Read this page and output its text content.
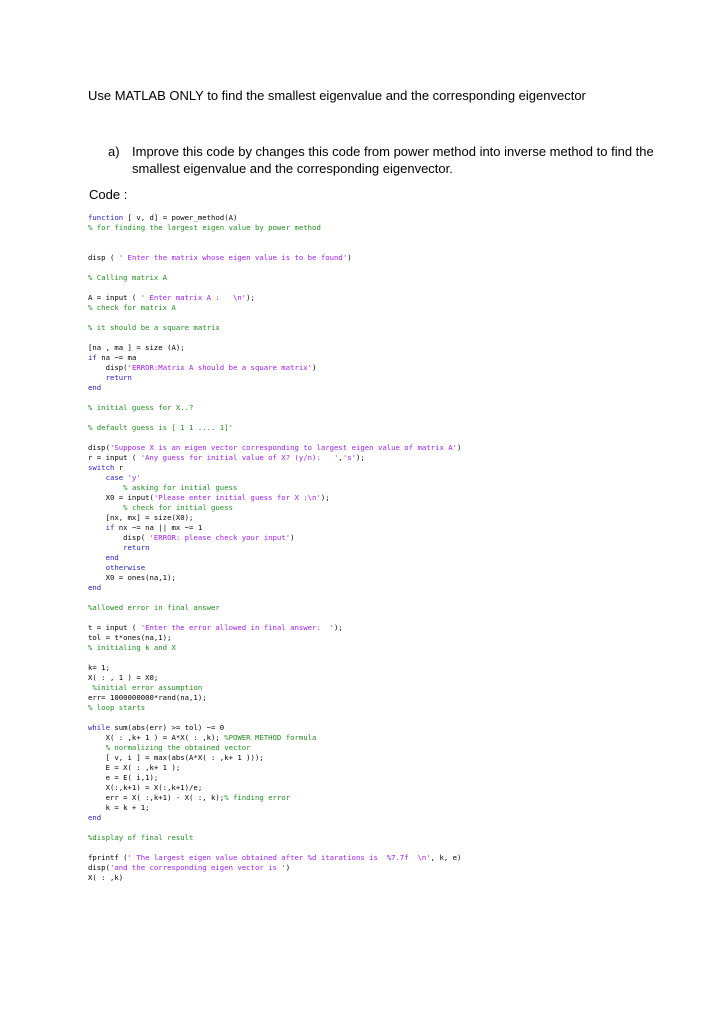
Use MATLAB ONLY to find the smallest eigenvalue and the corresponding eigenvector
a) Improve this code by changes this code from power method into inverse method to find the smallest eigenvalue and the corresponding eigenvector.
Code :
function [ v, d] = power_method(A)
% for finding the largest eigen value by power method
disp ( ' Enter the matrix whose eigen value is to be found')
% Calling matrix A
A = input ( ' Enter matrix A :   \n');
% check for matrix A
% it should be a square matrix
[na , ma ] = size (A);
if na ~= ma
disp('ERROR:Matrix A should be a square matrix')
return
end
% initial guess for X..?
% default guess is [ 1 1 .... 1]'
disp('Suppose X is an eigen vector corresponding to largest eigen value of matrix A')
r = input ( 'Any guess for initial value of X? (y/n):   ','s');
switch r
case 'y'
% asking for initial guess
X0 = input('Please enter initial guess for X :\n');
% check for initial guess
[nx, mx] = size(X0);
if nx ~= na || mx ~= 1
disp( 'ERROR: please check your input')
return
end
otherwise
X0 = ones(na,1);
end
%allowed error in final answer
t = input ( 'Enter the error allowed in final answer:  ');
tol = t*ones(na,1);
% initialing k and X
k= 1;
X( : , 1 ) = X0;
%initial error assumption
err= 1000000000*rand(na,1);
% loop starts
while sum(abs(err) >= tol) ~= 0
X( : ,k+ 1 ) = A*X( : ,k); %POWER METHOD formula
% normalizing the obtained vector
[ v, i ] = max(abs(A*X( : ,k+ 1 )));
E = X( : ,k+ 1 );
e = E( i,1);
X(:,k+1) = X(:,k+1)/e;
err = X( :,k+1) - X( :, k);% finding error
k = k + 1;
end
%display of final result
fprintf (' The largest eigen value obtained after %d itarations is  %7.7f  \n', k, e)
disp('and the corresponding eigen vector is ')
X( : ,k)
